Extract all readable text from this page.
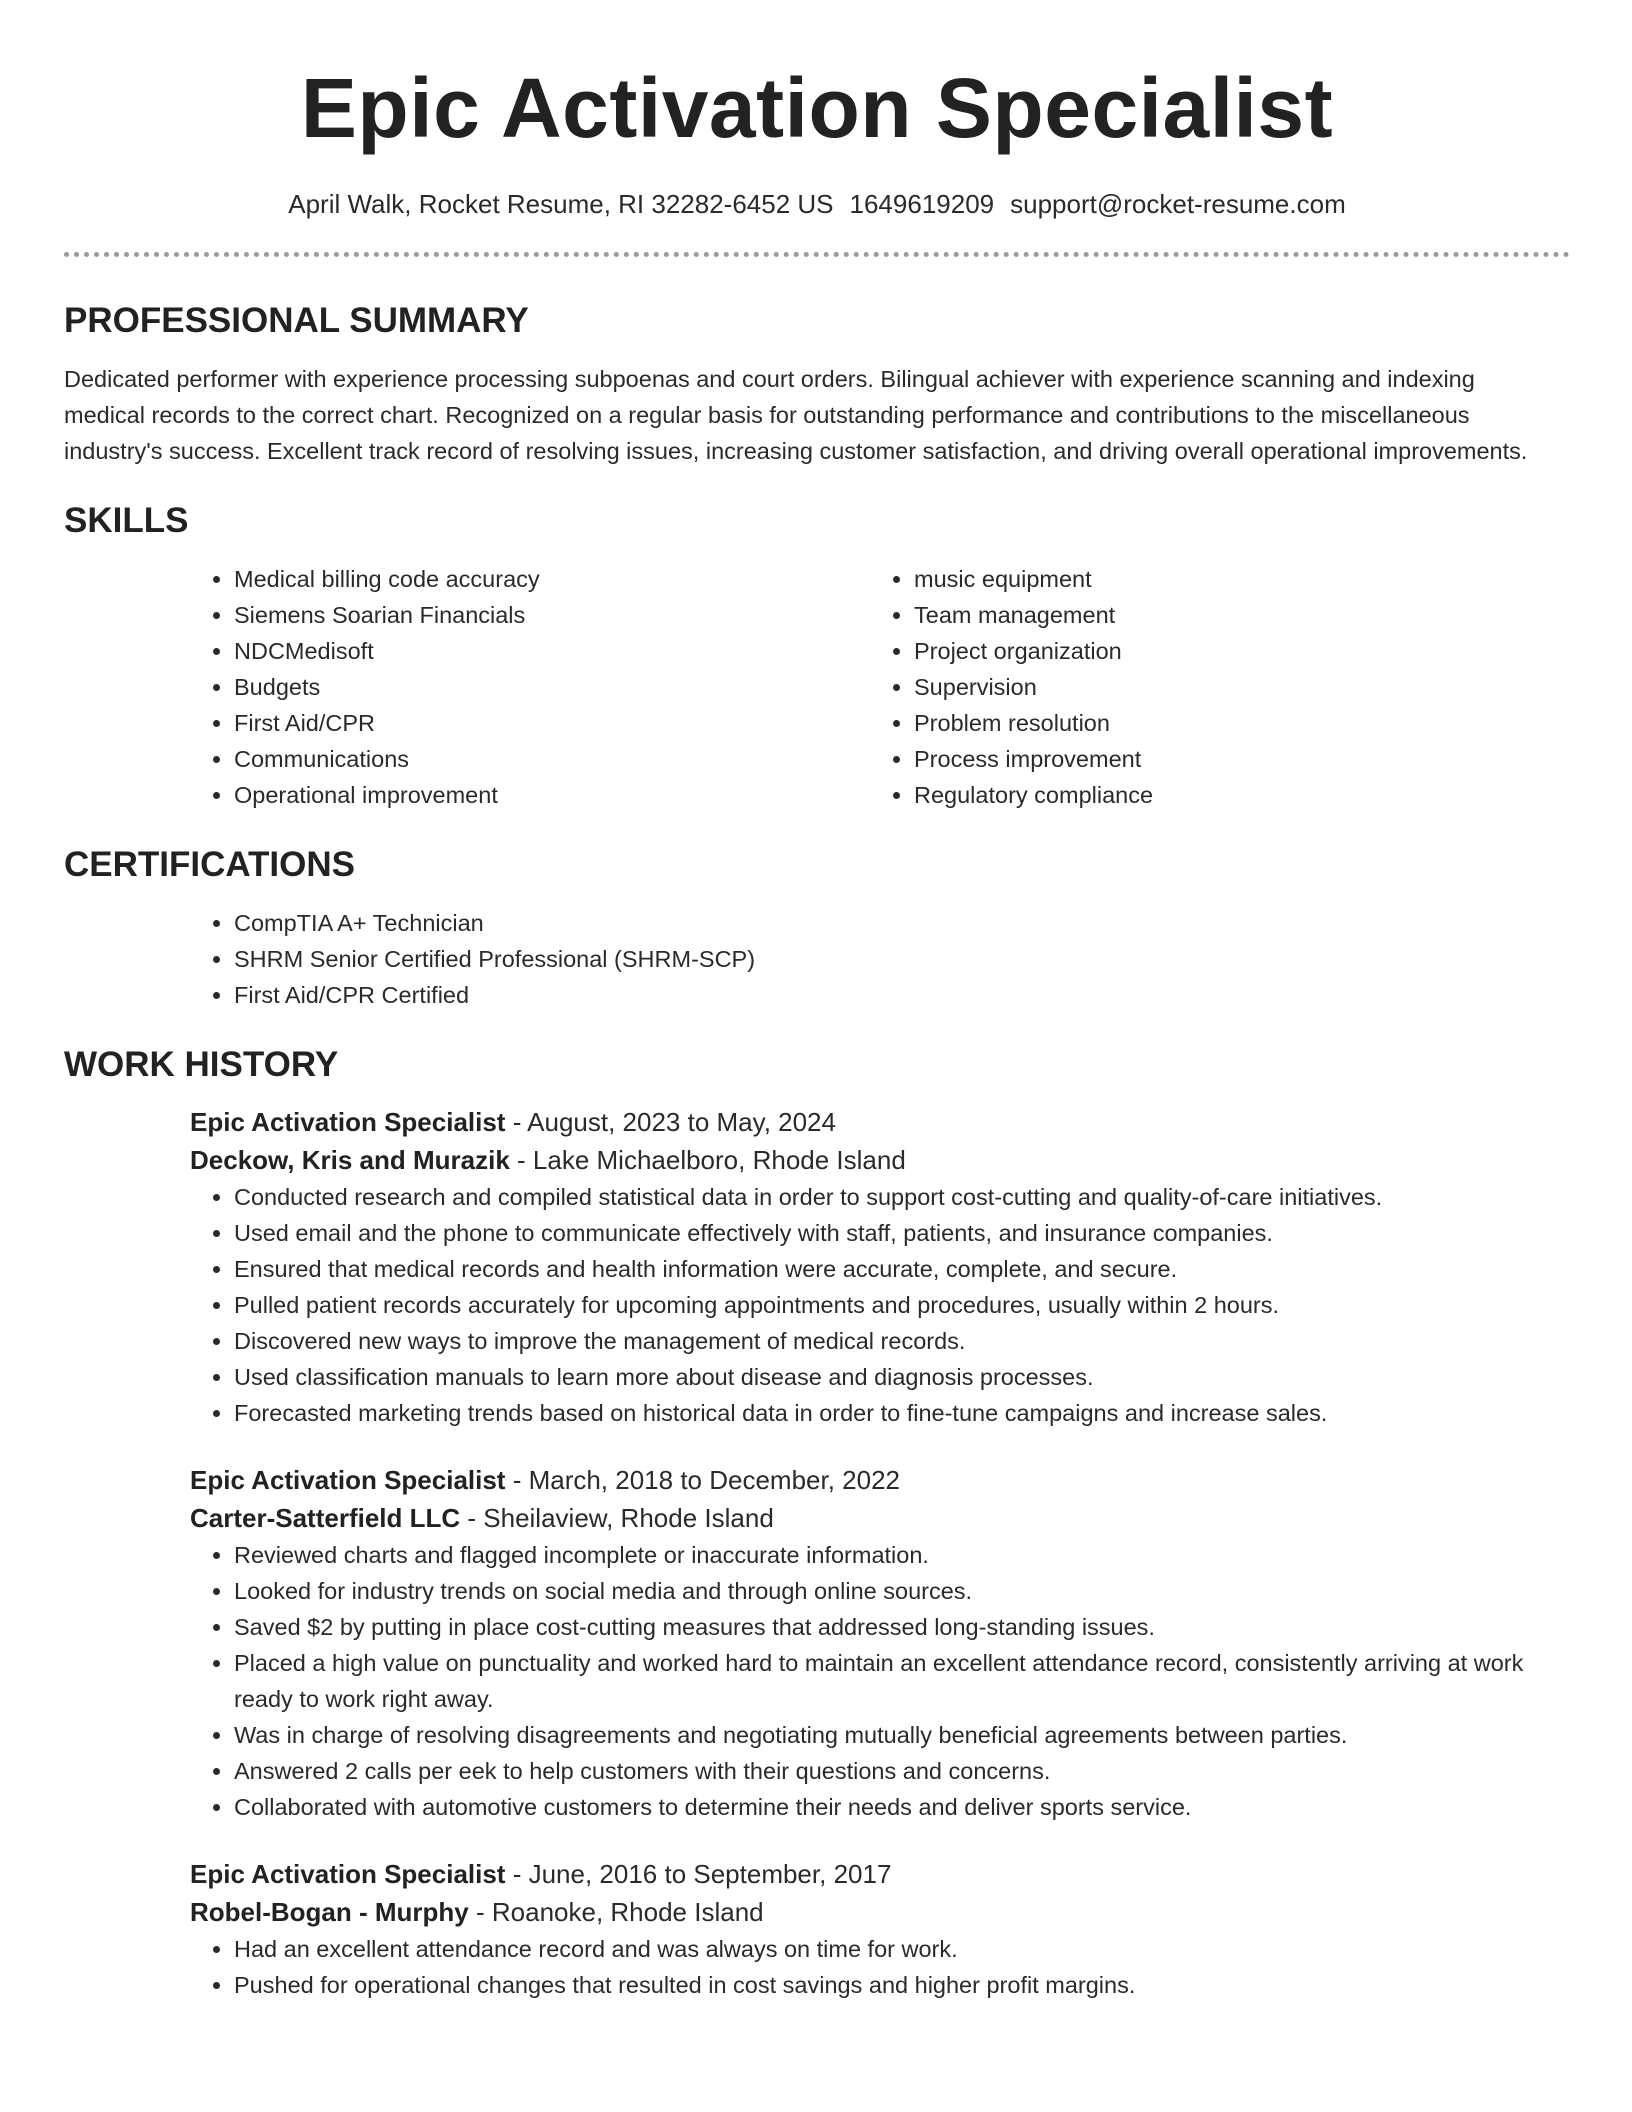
Epic Activation Specialist
April Walk, Rocket Resume, RI 32282-6452 US 1649619209 support@rocket-resume.com
PROFESSIONAL SUMMARY

Dedicated performer with experience processing subpoenas and court orders. Bilingual achiever with experience scanning and indexing medical records to the correct chart. Recognized on a regular basis for outstanding performance and contributions to the miscellaneous industry's success. Excellent track record of resolving issues, increasing customer satisfaction, and driving overall operational improvements.

SKILLS
• Medical billing code accuracy
• Siemens Soarian Financials
• NDCMedisoft
• Budgets
• First Aid/CPR
• Communications
• Operational improvement
• music equipment
• Team management
• Project organization
• Supervision
• Problem resolution
• Process improvement
• Regulatory compliance
CERTIFICATIONS
• CompTIA A+ Technician
• SHRM Senior Certified Professional (SHRM-SCP)
• First Aid/CPR Certified
WORK HISTORY
Epic Activation Specialist - August, 2023 to May, 2024
Deckow, Kris and Murazik - Lake Michaelboro, Rhode Island
• Conducted research and compiled statistical data in order to support cost-cutting and quality-of-care initiatives.
• Used email and the phone to communicate effectively with staff, patients, and insurance companies.
• Ensured that medical records and health information were accurate, complete, and secure.
• Pulled patient records accurately for upcoming appointments and procedures, usually within 2 hours.
• Discovered new ways to improve the management of medical records.
• Used classification manuals to learn more about disease and diagnosis processes.
• Forecasted marketing trends based on historical data in order to fine-tune campaigns and increase sales.
Epic Activation Specialist - March, 2018 to December, 2022
Carter-Satterfield LLC - Sheilaview, Rhode Island
• Reviewed charts and flagged incomplete or inaccurate information.
• Looked for industry trends on social media and through online sources.
• Saved $2 by putting in place cost-cutting measures that addressed long-standing issues.
• Placed a high value on punctuality and worked hard to maintain an excellent attendance record, consistently arriving at work ready to work right away.
• Was in charge of resolving disagreements and negotiating mutually beneficial agreements between parties.
• Answered 2 calls per eek to help customers with their questions and concerns.
• Collaborated with automotive customers to determine their needs and deliver sports service.
Epic Activation Specialist - June, 2016 to September, 2017
Robel-Bogan - Murphy - Roanoke, Rhode Island
• Had an excellent attendance record and was always on time for work.
• Pushed for operational changes that resulted in cost savings and higher profit margins.
